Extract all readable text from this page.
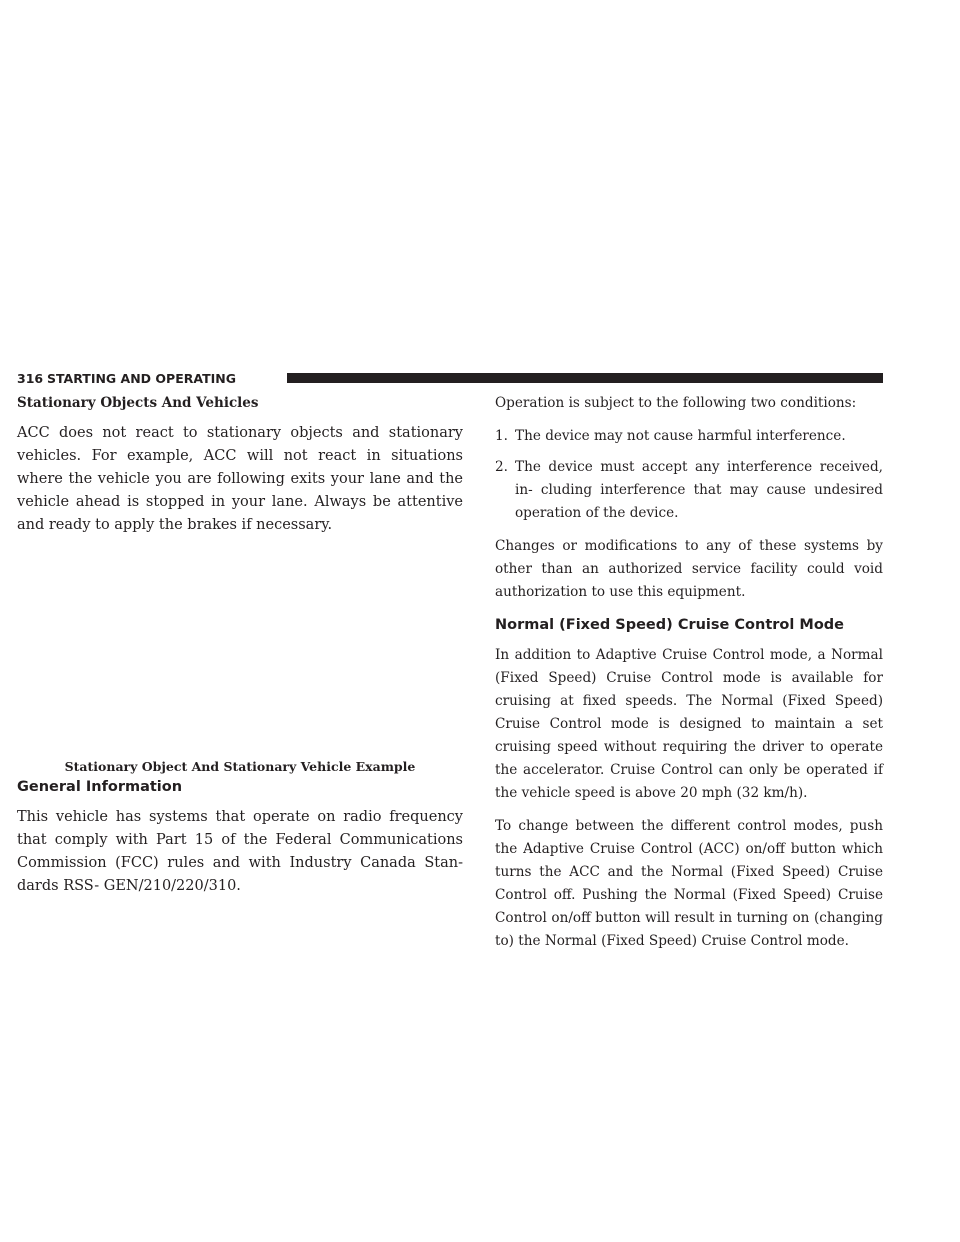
316 STARTING AND OPERATING
Stationary Objects And Vehicles

ACC does not react to stationary objects and stationary vehicles. For example, ACC will not react in situations where the vehicle you are following exits your lane and the vehicle ahead is stopped in your lane. Always be attentive and ready to apply the brakes if necessary.

Stationary Object And Stationary Vehicle Example

General Information

This vehicle has systems that operate on radio frequency that comply with Part 15 of the Federal Communications Commission (FCC) rules and with Industry Canada Stan- dards RSS- GEN/210/220/310.

Operation is subject to the following two conditions:

1. The device may not cause harmful interference.
2. The device must accept any interference received, in- cluding interference that may cause undesired operation of the device.

Changes or modifications to any of these systems by other than an authorized service facility could void authorization to use this equipment.

Normal (Fixed Speed) Cruise Control Mode

In addition to Adaptive Cruise Control mode, a Normal (Fixed Speed) Cruise Control mode is available for cruising at fixed speeds. The Normal (Fixed Speed) Cruise Control mode is designed to maintain a set cruising speed without requiring the driver to operate the accelerator. Cruise Control can only be operated if the vehicle speed is above 20 mph (32 km/h).

To change between the different control modes, push the Adaptive Cruise Control (ACC) on/off button which turns the ACC and the Normal (Fixed Speed) Cruise Control off. Pushing the Normal (Fixed Speed) Cruise Control on/off button will result in turning on (changing to) the Normal (Fixed Speed) Cruise Control mode.
